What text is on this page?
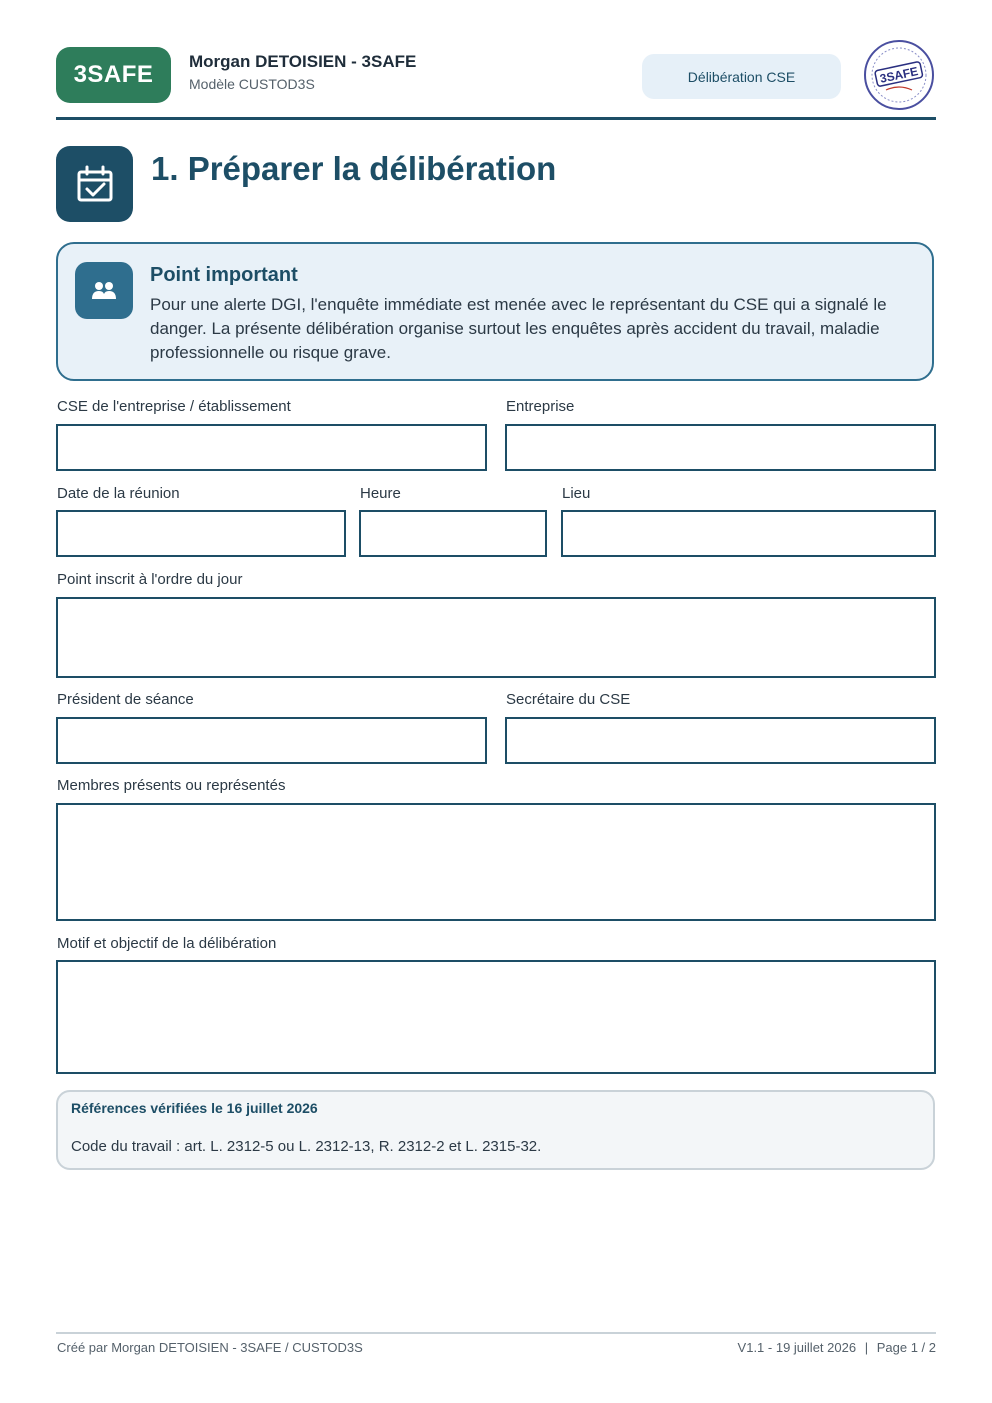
3SAFE	Morgan DETOISIEN - 3SAFE
Modèle CUSTOD3S	Délibération CSE	3SAFE
1. Préparer la délibération
Point important
Pour une alerte DGI, l'enquête immédiate est menée avec le représentant du CSE qui a signalé le danger. La présente délibération organise surtout les enquêtes après accident du travail, maladie professionnelle ou risque grave.
CSE de l'entreprise / établissement	Entreprise
Date de la réunion	Heure	Lieu
Point inscrit à l'ordre du jour
Président de séance	Secrétaire du CSE
Membres présents ou représentés
Motif et objectif de la délibération
Références vérifiées le 16 juillet 2026
Code du travail : art. L. 2312-5 ou L. 2312-13, R. 2312-2 et L. 2315-32.
Créé par Morgan DETOISIEN - 3SAFE / CUSTOD3S	V1.1 - 19 juillet 2026 | Page 1 / 2
